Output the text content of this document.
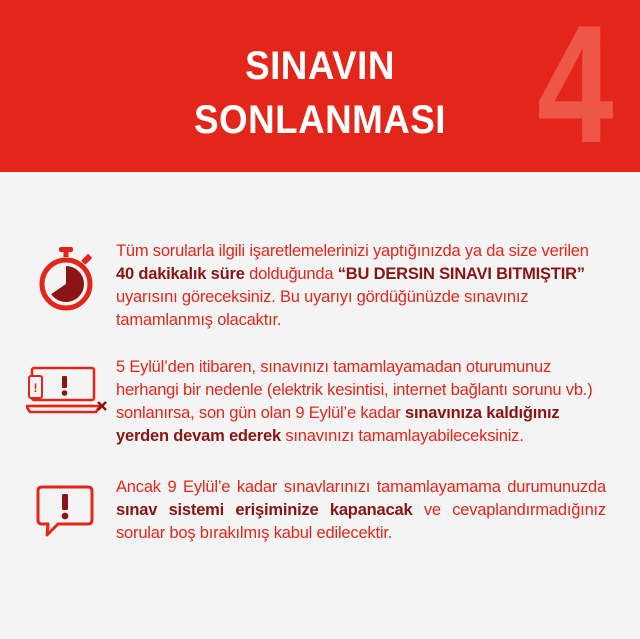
SINAVIN
SONLANMASI 4
Tüm sorularla ilgili işaretlemelerinizi yaptığınızda ya da size verilen 40 dakikalık süre dolduğunda “BU DERSIN SINAVI BITMIŞTIR” uyarısını göreceksiniz. Bu uyarıyı gördüğünüzde sınavınız tamamlanmış olacaktır.
!
5 Eylül’den itibaren, sınavınızı tamamlayamadan oturumunuz herhangi bir nedenle (elektrik kesintisi, internet bağlantı sorunu vb.) sonlanırsa, son gün olan 9 Eylül’e kadar sınavınıza kaldığınız yerden devam ederek sınavınızı tamamlayabileceksiniz.
Ancak 9 Eylül’e kadar sınavlarınızı tamamlayamama durumunuzda sınav sistemi erişiminize kapanacak ve cevaplandırmadığınız sorular boş bırakılmış kabul edilecektir.
